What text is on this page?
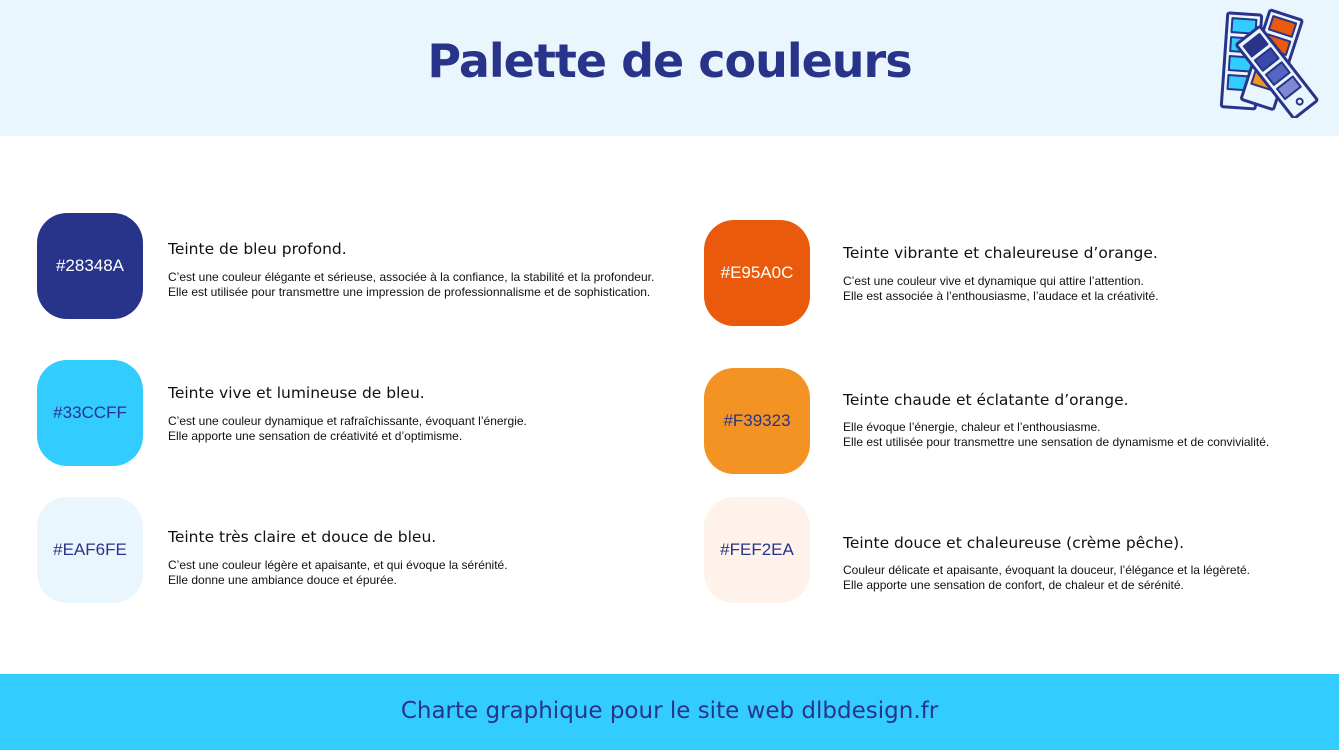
Palette de couleurs
#28348A
Teinte de bleu profond.
C’est une couleur élégante et sérieuse, associée à la confiance, la stabilité et la profondeur.
Elle est utilisée pour transmettre une impression de professionnalisme et de sophistication.
#33CCFF
Teinte vive et lumineuse de bleu.
C’est une couleur dynamique et rafraîchissante, évoquant l’énergie.
Elle apporte une sensation de créativité et d’optimisme.
#EAF6FE
Teinte très claire et douce de bleu.
C’est une couleur légère et apaisante, et qui évoque la sérénité.
Elle donne une ambiance douce et épurée.
#E95A0C
Teinte vibrante et chaleureuse d’orange.
C’est une couleur vive et dynamique qui attire l’attention.
Elle est associée à l’enthousiasme, l’audace et la créativité.
#F39323
Teinte chaude et éclatante d’orange.
Elle évoque l’énergie, chaleur et l’enthousiasme.
Elle est utilisée pour transmettre une sensation de dynamisme et de convivialité.
#FEF2EA	Teinte douce et chaleureuse (crème pêche).
Couleur délicate et apaisante, évoquant la douceur, l’élégance et la légèreté.
Elle apporte une sensation de confort, de chaleur et de sérénité.
Charte graphique pour le site web dlbdesign.fr
